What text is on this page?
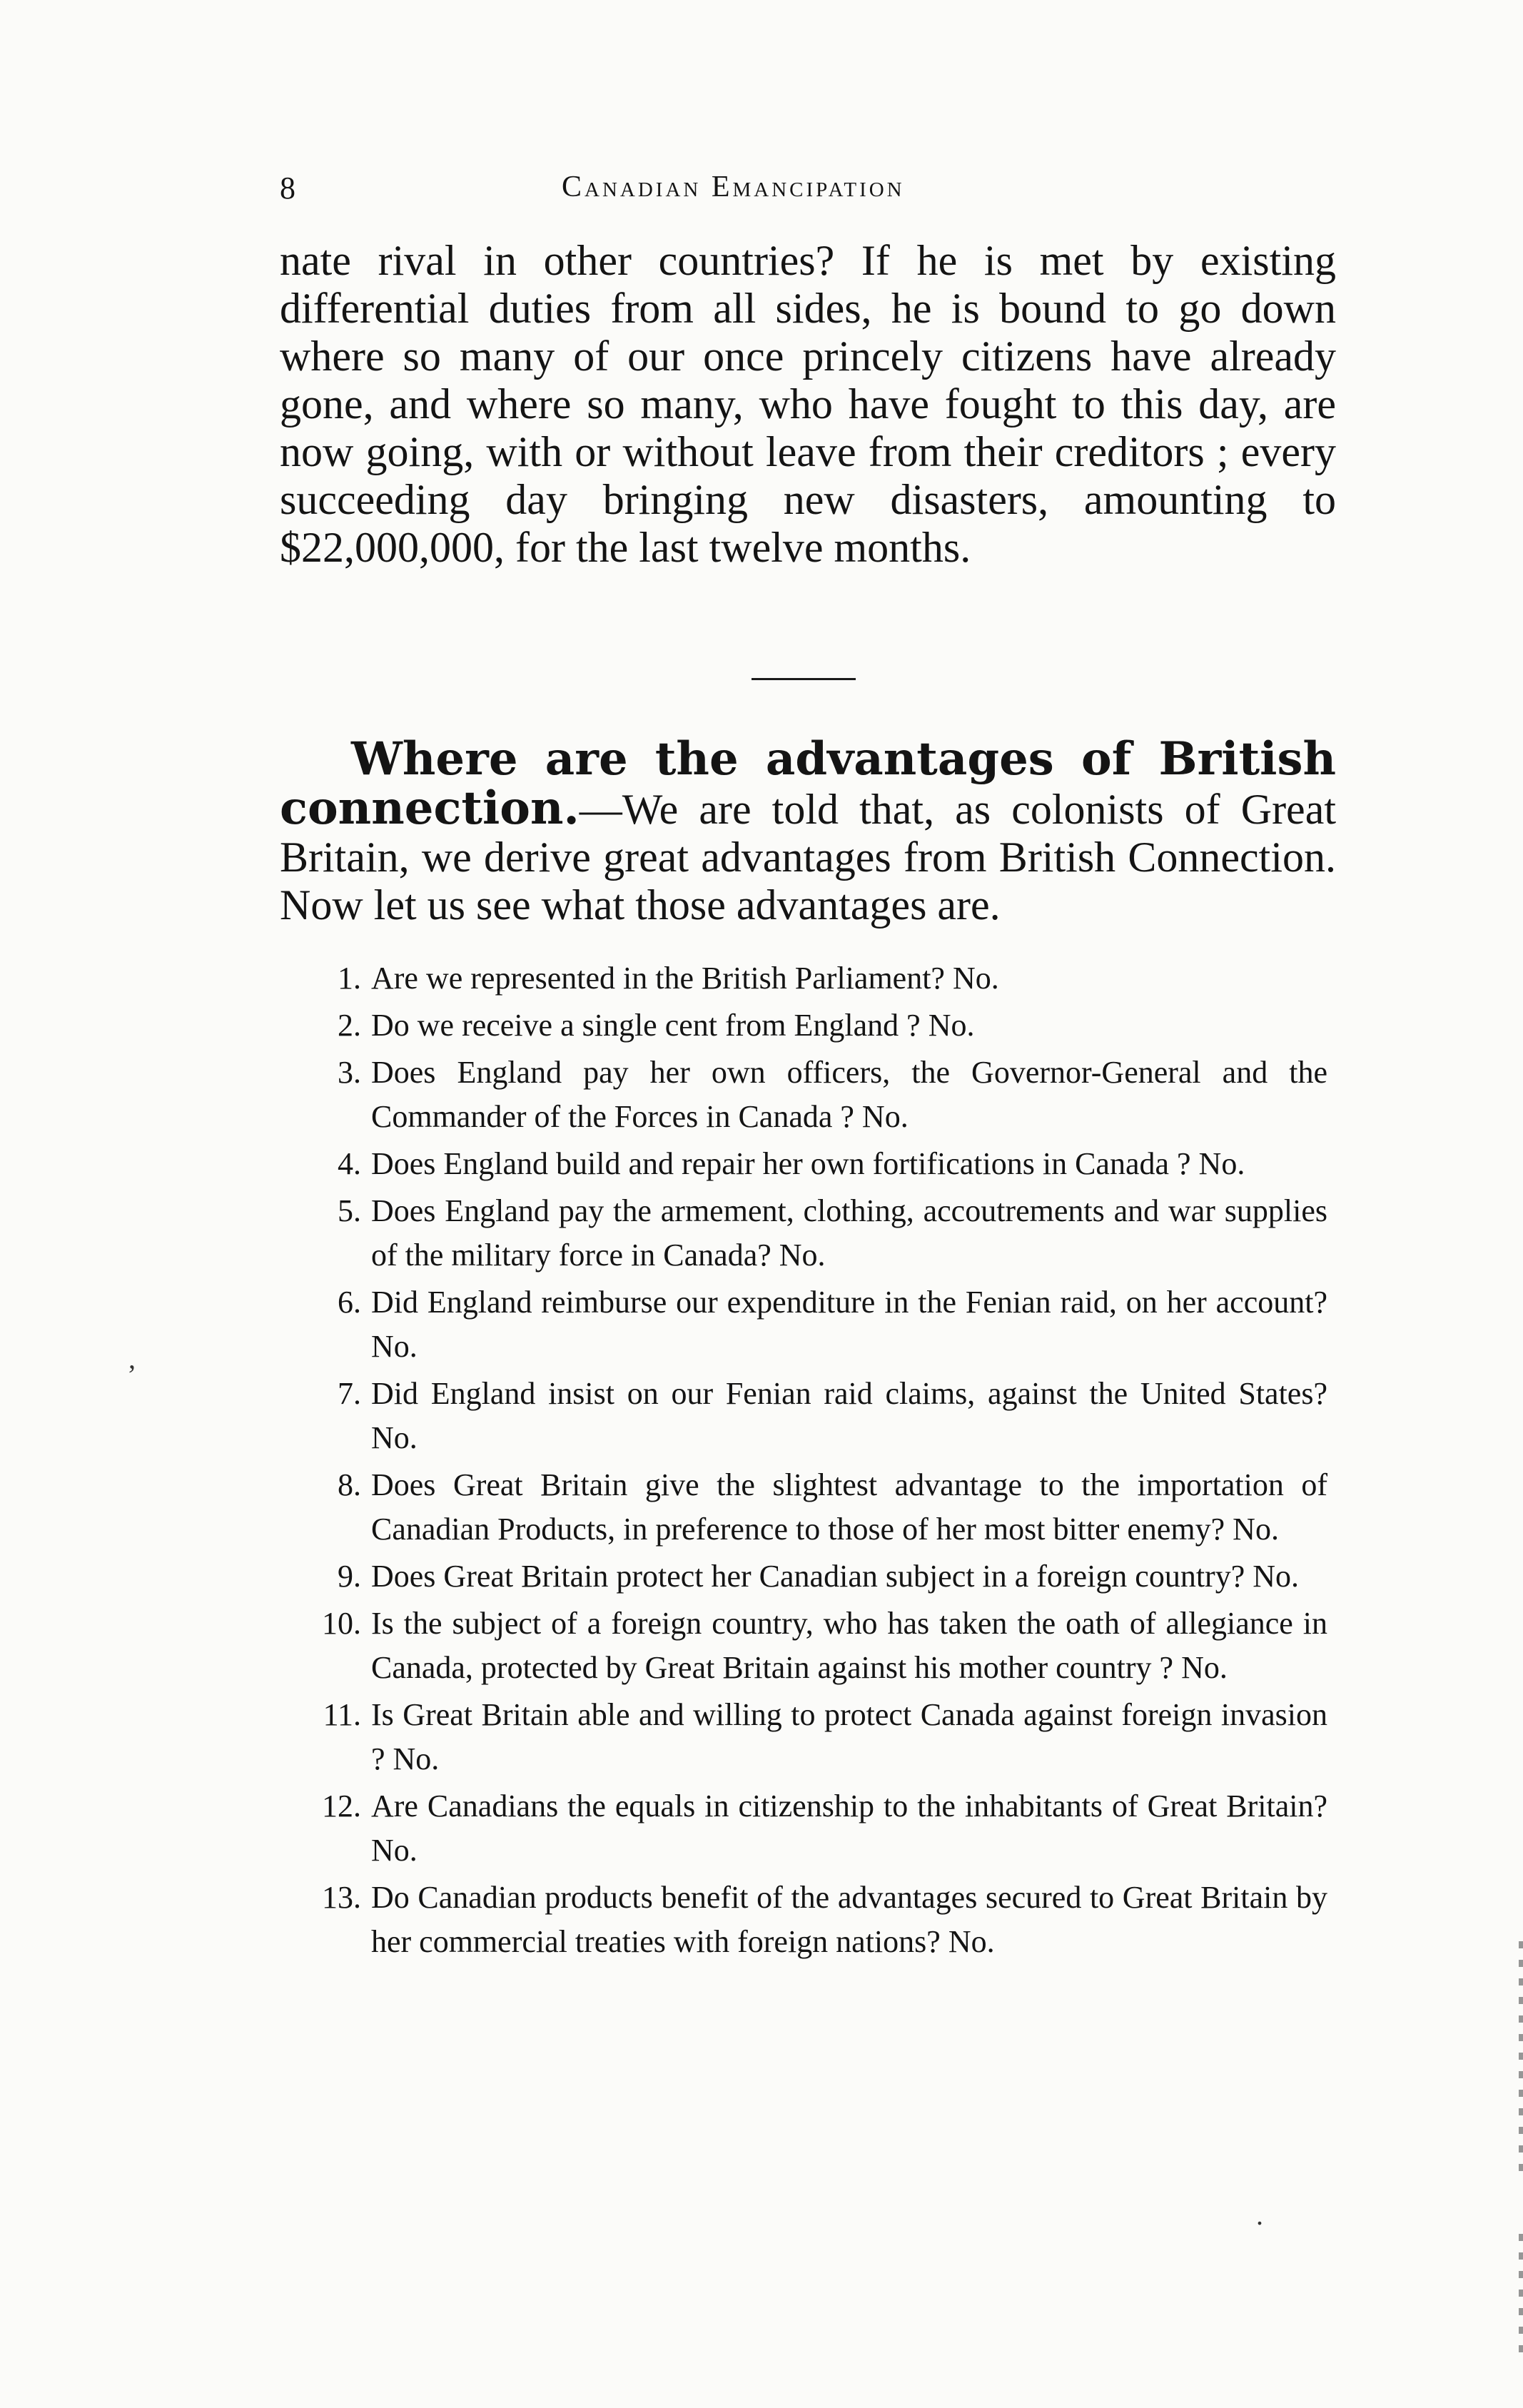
8	Canadian Emancipation

nate rival in other countries? If he is met by existing differential duties from all sides, he is bound to go down where so many of our once princely citizens have already gone, and where so many, who have fought to this day, are now going, with or without leave from their creditors ; every succeeding day bringing new disasters, amounting to $22,000,000, for the last twelve months.

Where are the advantages of British connection.—We are told that, as colonists of Great Britain, we derive great advantages from British Connection. Now let us see what those advantages are.

1. Are we represented in the British Parliament? No.
2. Do we receive a single cent from England ? No.
3. Does England pay her own officers, the Governor-General and the Commander of the Forces in Canada ? No.
4. Does England build and repair her own fortifications in Canada ? No.
5. Does England pay the armement, clothing, accoutrements and war supplies of the military force in Canada? No.
6. Did England reimburse our expenditure in the Fenian raid, on her account? No.
7. Did England insist on our Fenian raid claims, against the United States? No.
8. Does Great Britain give the slightest advantage to the importation of Canadian Products, in preference to those of her most bitter enemy? No.
9. Does Great Britain protect her Canadian subject in a foreign country? No.
10. Is the subject of a foreign country, who has taken the oath of allegiance in Canada, protected by Great Britain against his mother country ? No.
11. Is Great Britain able and willing to protect Canada against foreign invasion ? No.
12. Are Canadians the equals in citizenship to the inhabitants of Great Britain? No.
13. Do Canadian products benefit of the advantages secured to Great Britain by her commercial treaties with foreign nations? No.
,
.
